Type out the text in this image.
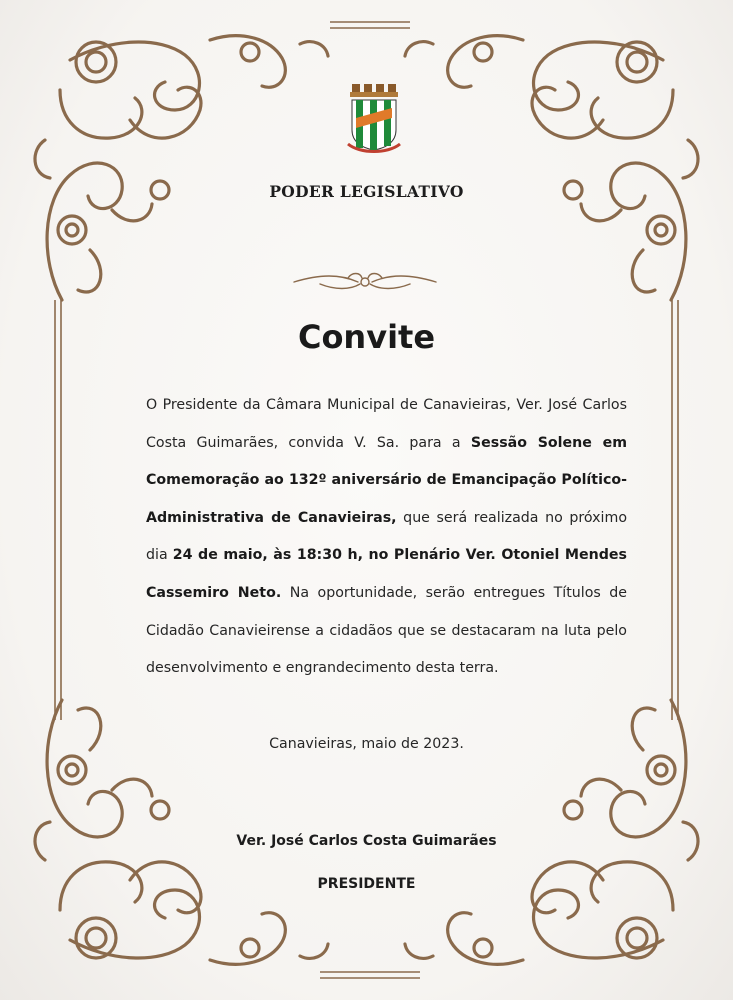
PODER LEGISLATIVO
Convite
O Presidente da Câmara Municipal de Canavieiras, Ver. José Carlos Costa Guimarães, convida V. Sa. para a Sessão Solene em Comemoração ao 132º aniversário de Emancipação Político-Administrativa de Canavieiras, que será realizada no próximo dia 24 de maio, às 18:30 h, no Plenário Ver. Otoniel Mendes Cassemiro Neto. Na oportunidade, serão entregues Títulos de Cidadão Canavieirense a cidadãos que se destacaram na luta pelo desenvolvimento e engrandecimento desta terra.
Canavieiras, maio de 2023.
Ver. José Carlos Costa Guimarães
PRESIDENTE
